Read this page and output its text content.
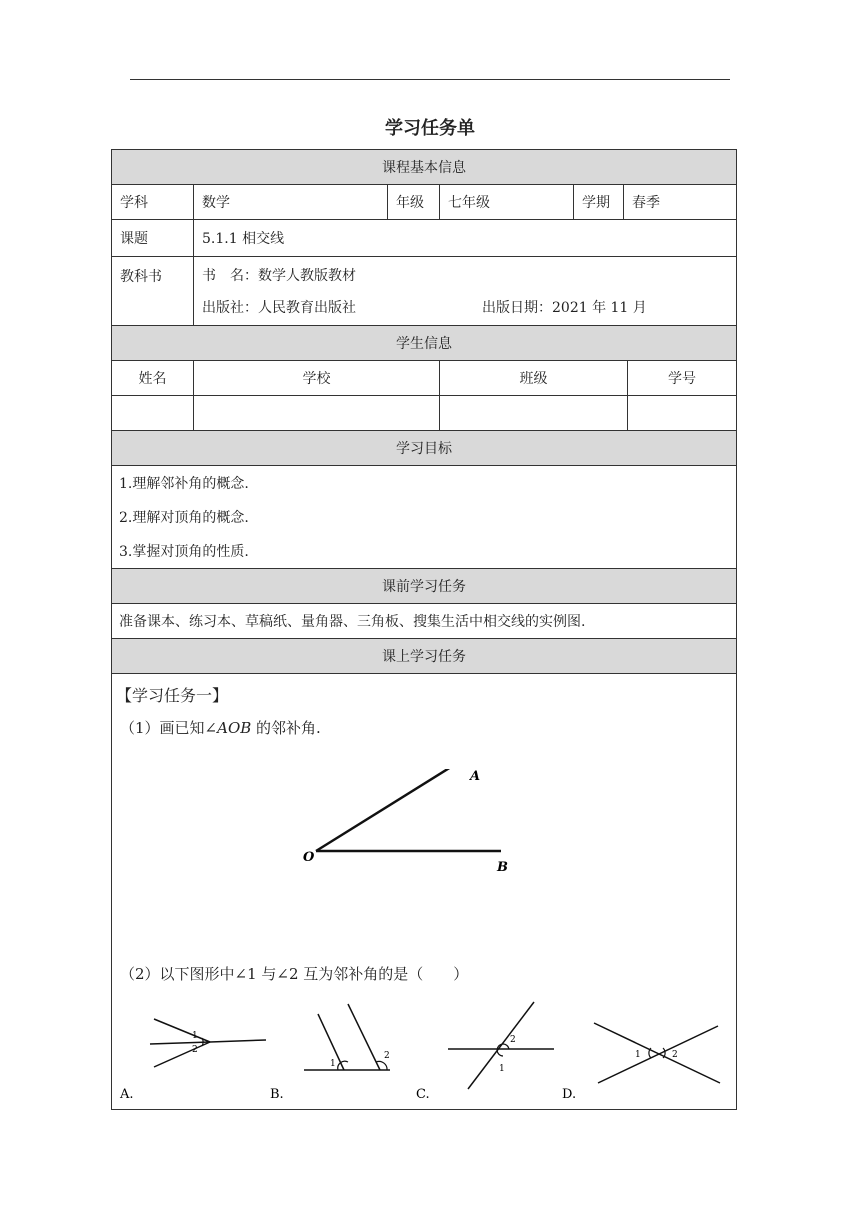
学习任务单
课程基本信息
学科	数学	年级	七年级	学期	春季
课题	5.1.1 相交线
教科书	书　名：数学人教版教材
出版社：人民教育出版社	出版日期：2021 年 11 月
学生信息
姓名	学校	班级	学号
学习目标
1.理解邻补角的概念.
2.理解对顶角的概念.
3.掌握对顶角的性质.
课前学习任务
准备课本、练习本、草稿纸、量角器、三角板、搜集生活中相交线的实例图.
课上学习任务
【学习任务一】
（1）画已知∠AOB 的邻补角.
A
O
B
（2）以下图形中∠1 与∠2 互为邻补角的是（　　）
1
2
1
2
2
1
1	2
A.	B.	C.	D.
